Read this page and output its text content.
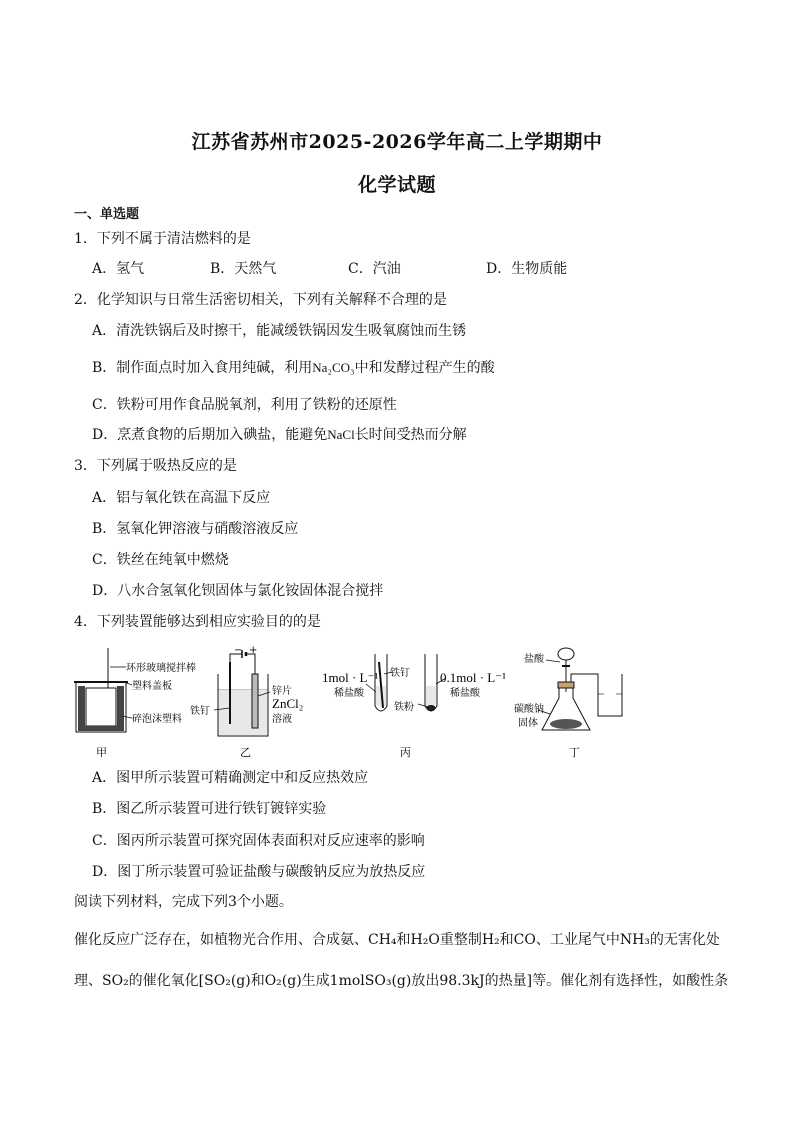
江苏省苏州市2025-2026学年高二上学期期中
化学试题
一、单选题
1．下列不属于清洁燃料的是
A．氢气	B．天然气	C．汽油	D．生物质能
2．化学知识与日常生活密切相关，下列有关解释不合理的是
A．清洗铁锅后及时擦干，能减缓铁锅因发生吸氧腐蚀而生锈
B．制作面点时加入食用纯碱，利用Na₂CO₃中和发酵过程产生的酸
C．铁粉可用作食品脱氧剂，利用了铁粉的还原性
D．烹煮食物的后期加入碘盐，能避免NaCl长时间受热而分解
3．下列属于吸热反应的是
A．铝与氧化铁在高温下反应
B．氢氧化钾溶液与硝酸溶液反应
C．铁丝在纯氧中燃烧
D．八水合氢氧化钡固体与氯化铵固体混合搅拌
4．下列装置能够达到相应实验目的的是
环形玻璃搅拌棒
塑料盖板
碎泡沫塑料
甲
− +
铁钉
锌片
ZnCl₂
溶液
乙
1mol · L⁻¹
稀盐酸
铁钉
铁粉
0.1mol · L⁻¹
稀盐酸
丙
盐酸
碳酸钠
固体
丁
A．图甲所示装置可精确测定中和反应热效应
B．图乙所示装置可进行铁钉镀锌实验
C．图丙所示装置可探究固体表面积对反应速率的影响
D．图丁所示装置可验证盐酸与碳酸钠反应为放热反应
阅读下列材料，完成下列3个小题。
催化反应广泛存在，如植物光合作用、合成氨、CH₄和H₂O重整制H₂和CO、工业尾气中NH₃的无害化处
理、SO₂的催化氧化[SO₂(g)和O₂(g)生成1molSO₃(g)放出98.3kJ的热量]等。催化剂有选择性，如酸性条
